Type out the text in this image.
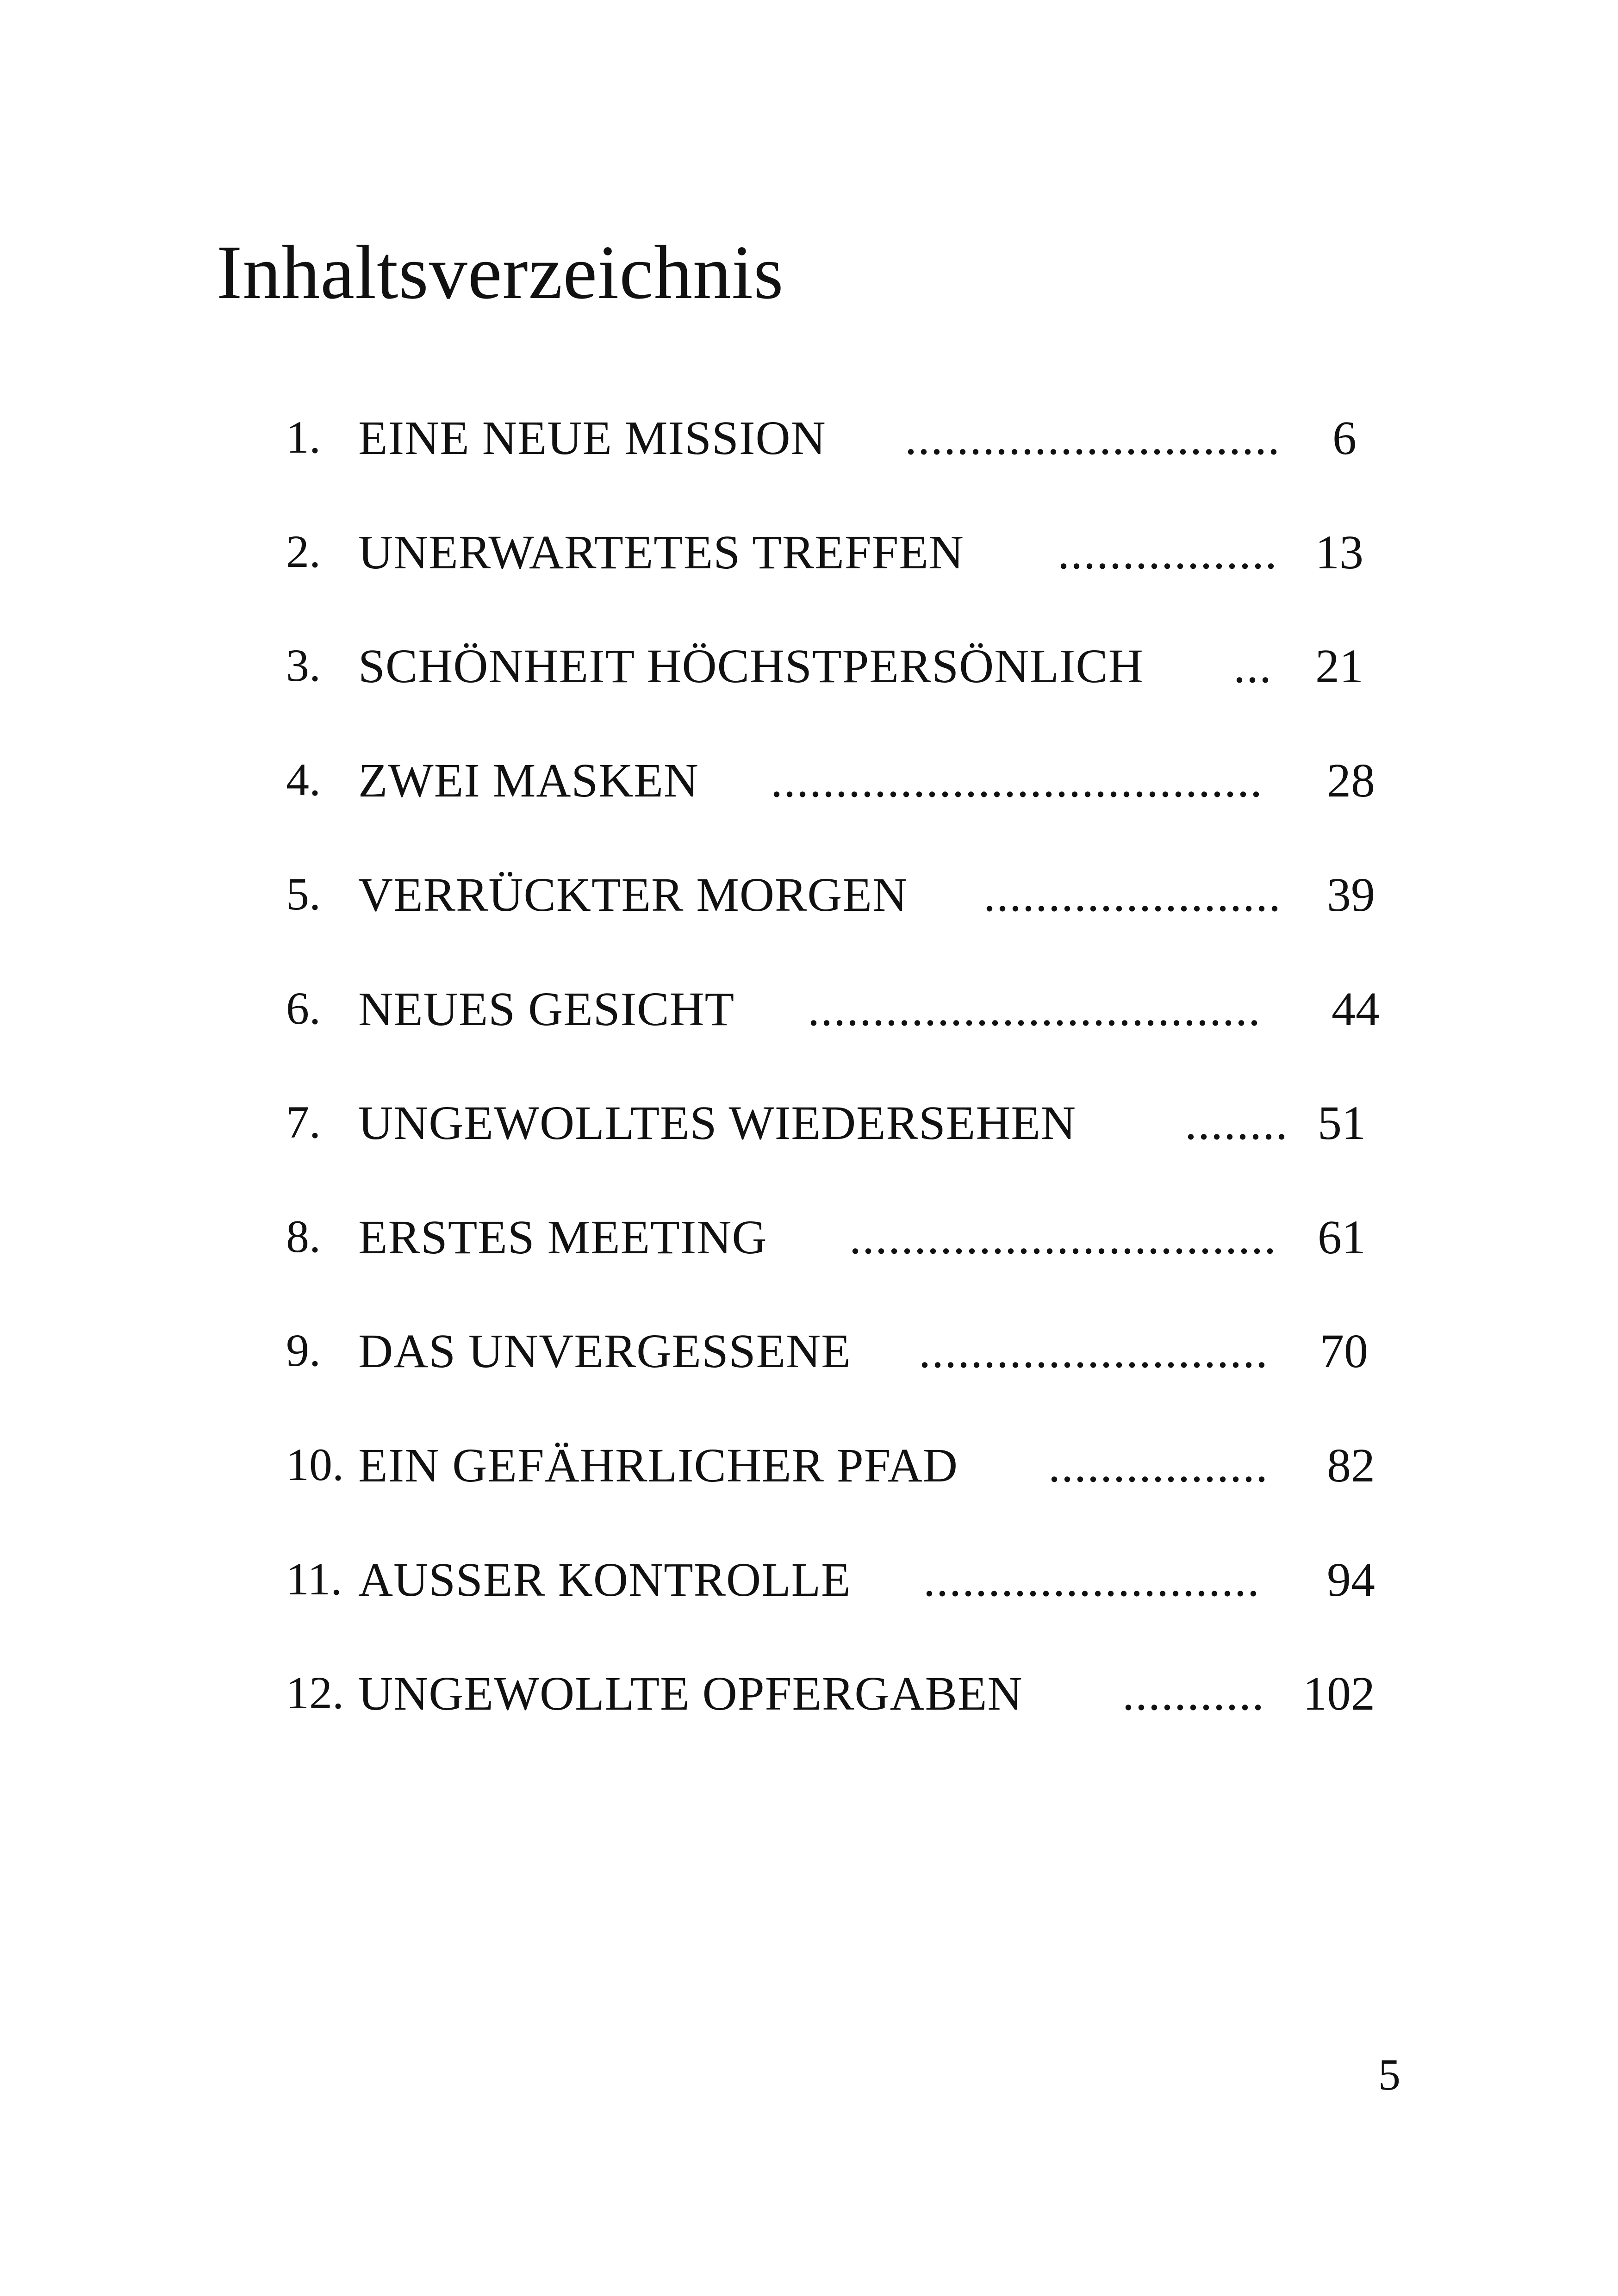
Inhaltsverzeichnis
1. EINE NEUE MISSION ............................. 6
2. UNERWARTETES TREFFEN ................. 13
3. SCHÖNHEIT HÖCHSTPERSÖNLICH ... 21
4. ZWEI MASKEN ...................................... 28
5. VERRÜCKTER MORGEN ....................... 39
6. NEUES GESICHT ................................... 44
7. UNGEWOLLTES WIEDERSEHEN ........ 51
8. ERSTES MEETING ................................. 61
9. DAS UNVERGESSENE ........................... 70
10. EIN GEFÄHRLICHER PFAD ................. 82
11. AUSSER KONTROLLE .......................... 94
12. UNGEWOLLTE OPFERGABEN ........... 102
5
